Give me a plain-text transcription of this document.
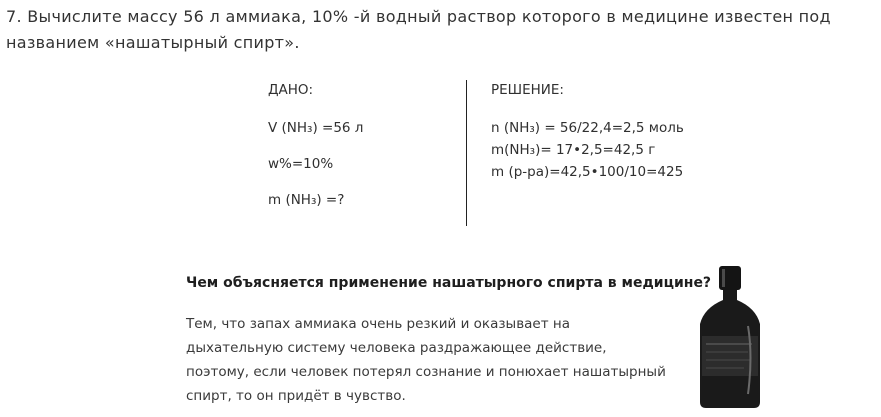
7. Вычислите массу 56 л аммиака, 10% -й водный раствор которого в медицине известен под названием «нашатырный спирт».
ДАНО:
V (NH₃) =56 л
w%=10%
m (NH₃) =?
РЕШЕНИЕ:
n (NH₃) = 56/22,4=2,5 моль
m(NH₃)= 17•2,5=42,5 г
m (р-ра)=42,5•100/10=425
Чем объясняется применение нашатырного спирта в медицине?
Тем, что запах аммиака очень резкий и оказывает на дыхательную систему человека раздражающее действие, поэтому, если человек потерял сознание и понюхает нашатырный спирт, то он придёт в чувство.
